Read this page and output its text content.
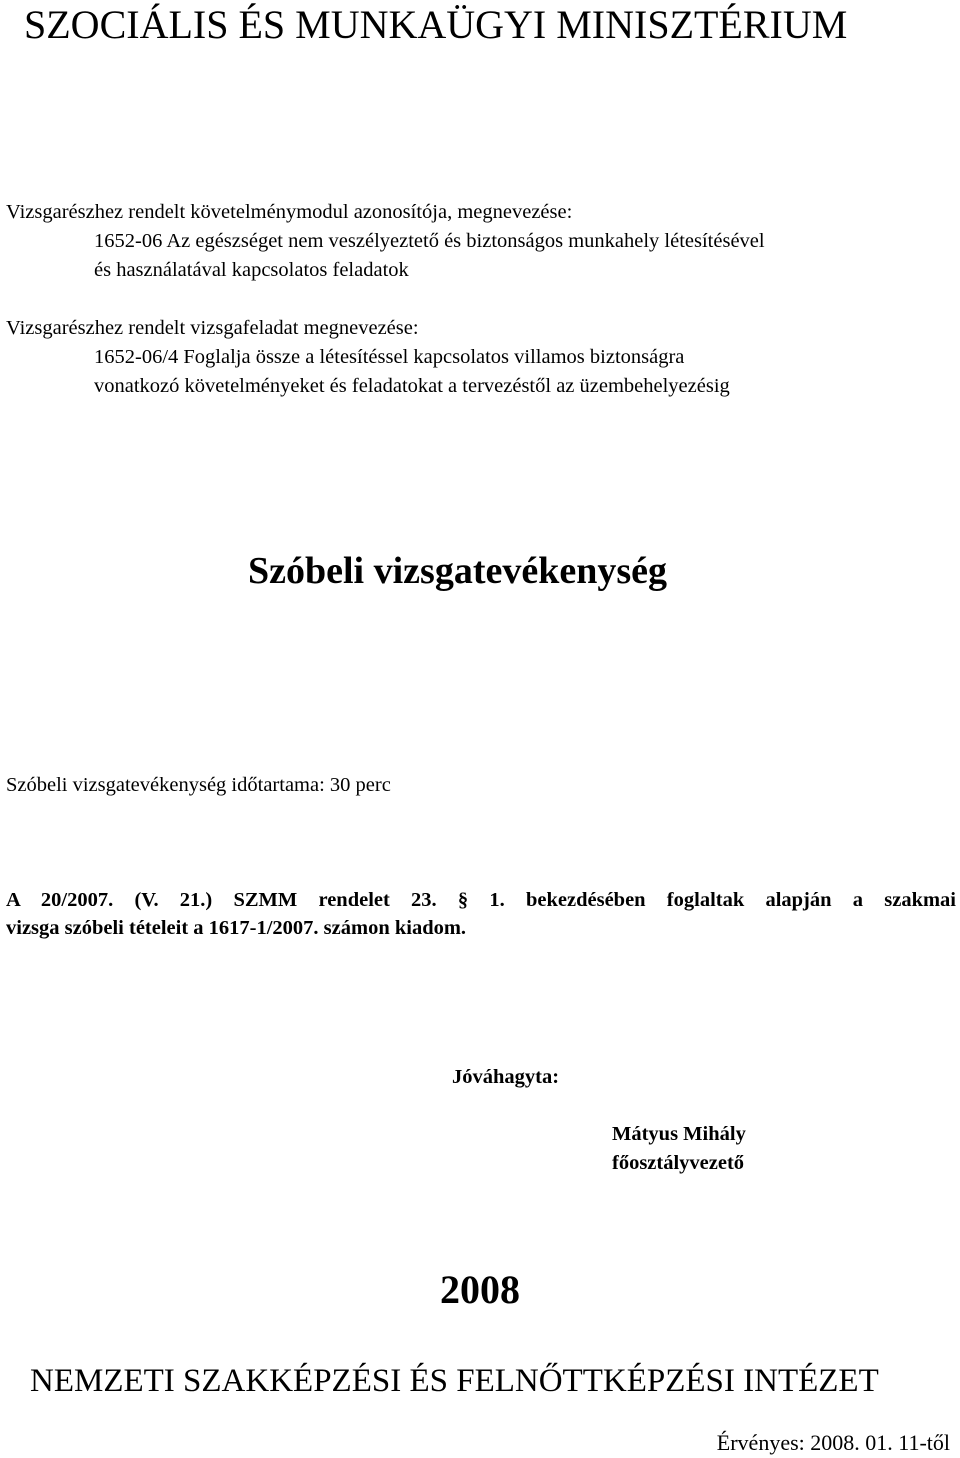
SZOCIÁLIS ÉS MUNKAÜGYI MINISZTÉRIUM
Vizsgarészhez rendelt követelménymodul azonosítója, megnevezése:
1652-06 Az egészséget nem veszélyeztető és biztonságos munkahely létesítésével
és használatával kapcsolatos feladatok
Vizsgarészhez rendelt vizsgafeladat megnevezése:
1652-06/4 Foglalja össze a létesítéssel kapcsolatos villamos biztonságra
vonatkozó követelményeket és feladatokat a tervezéstől az üzembehelyezésig
Szóbeli vizsgatevékenység
Szóbeli vizsgatevékenység időtartama: 30 perc
A 20/2007. (V. 21.) SZMM rendelet 23. § 1. bekezdésében foglaltak alapján a szakmai
vizsga szóbeli tételeit a 1617-1/2007. számon kiadom.
Jóváhagyta:
Mátyus Mihály
főosztályvezető
2008
NEMZETI SZAKKÉPZÉSI ÉS FELNŐTTKÉPZÉSI INTÉZET
Érvényes: 2008. 01. 11-től
